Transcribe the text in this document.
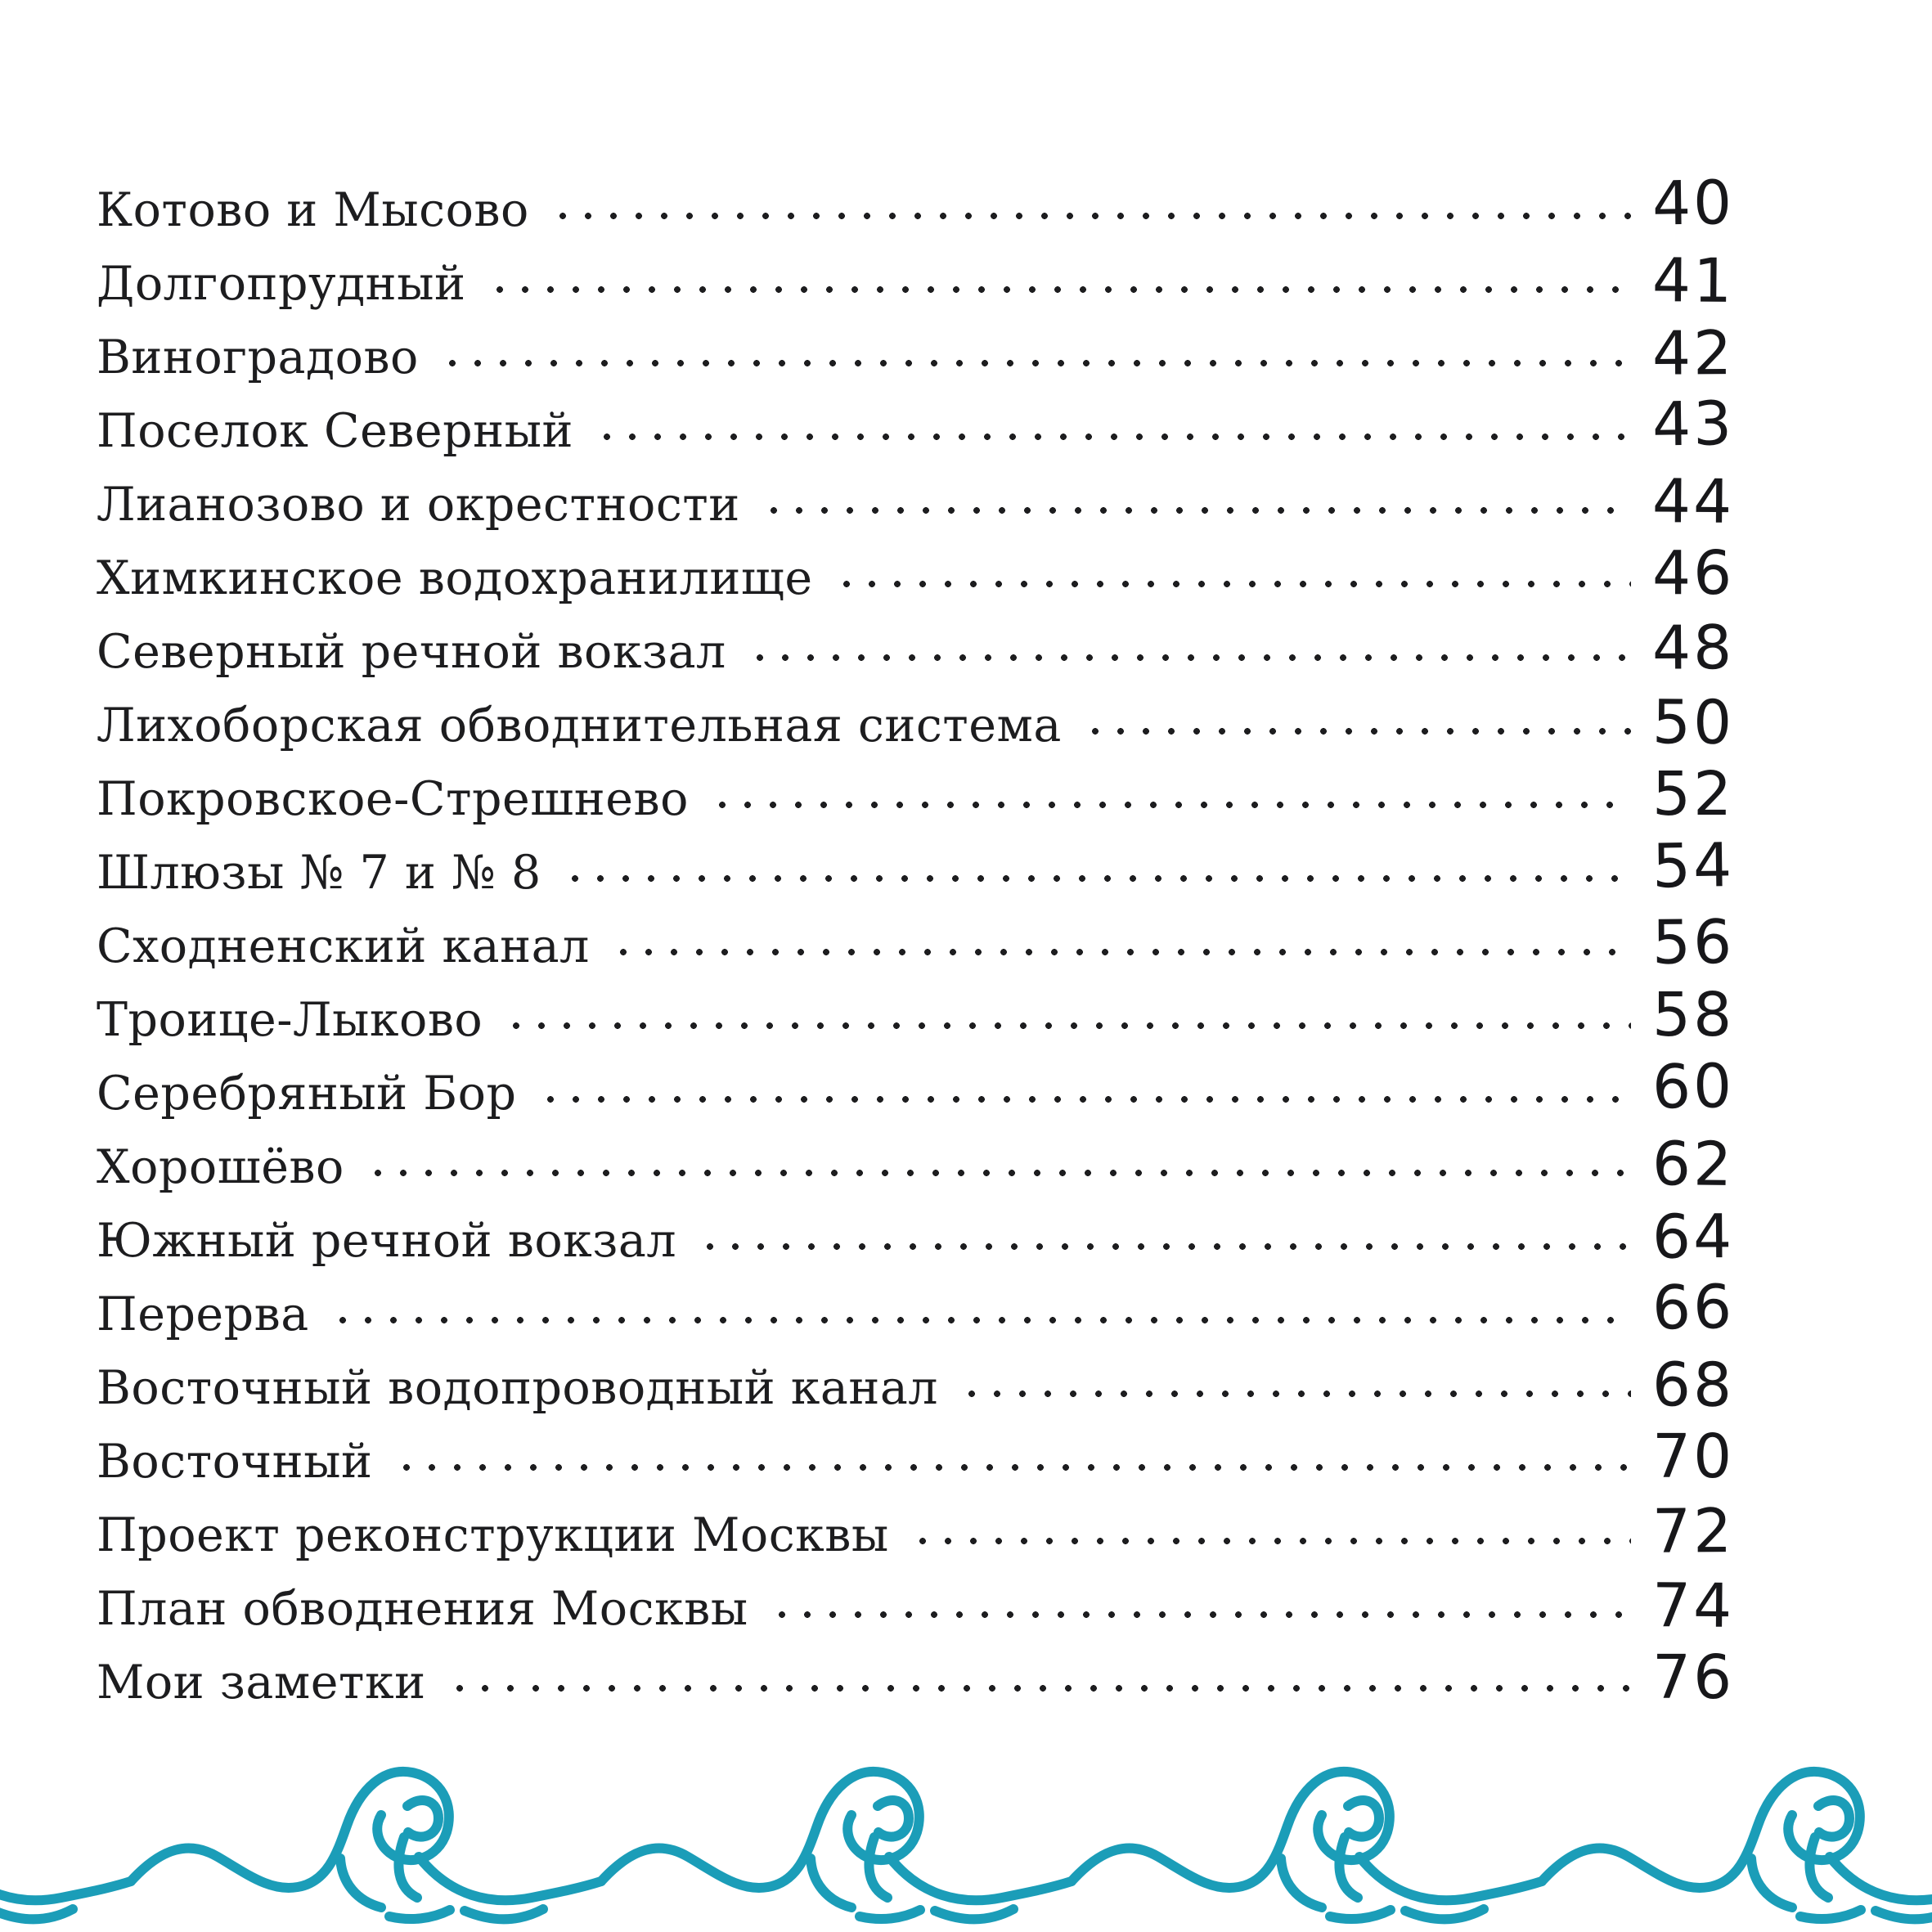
Котово и Мысово	40
Долгопрудный	41
Виноградово	42
Поселок Северный	43
Лианозово и окрестности	44
Химкинское водохранилище	46
Северный речной вокзал	48
Лихоборская обводнительная система	50
Покровское-Стрешнево	52
Шлюзы № 7 и № 8	54
Сходненский канал	56
Троице-Лыково	58
Серебряный Бор	60
Хорошёво	62
Южный речной вокзал	64
Перерва	66
Восточный водопроводный канал	68
Восточный	70
Проект реконструкции Москвы	72
План обводнения Москвы	74
Мои заметки	76
